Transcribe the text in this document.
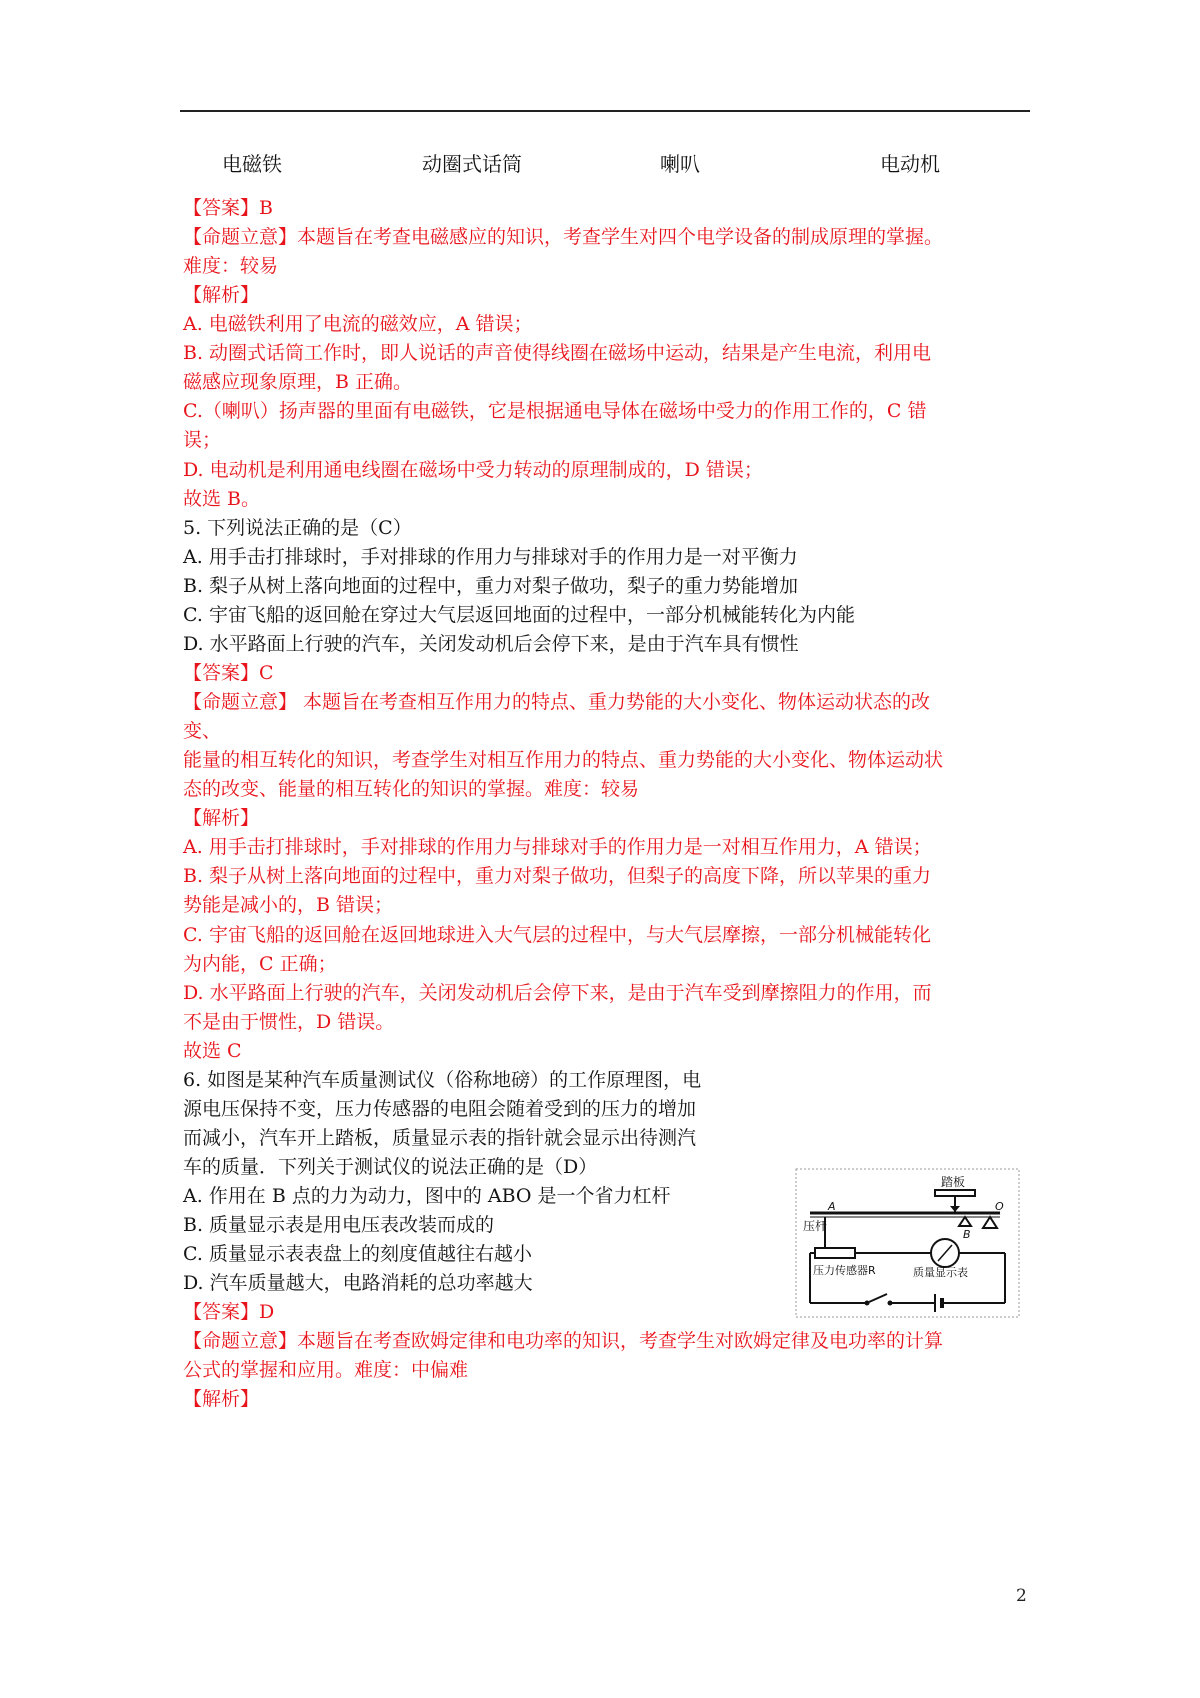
电磁铁	动圈式话筒	喇叭	电动机
【答案】B
【命题立意】本题旨在考查电磁感应的知识，考查学生对四个电学设备的制成原理的掌握。
难度：较易
【解析】
A. 电磁铁利用了电流的磁效应，A 错误；
B. 动圈式话筒工作时，即人说话的声音使得线圈在磁场中运动，结果是产生电流，利用电
磁感应现象原理，B 正确。
C.（喇叭）扬声器的里面有电磁铁，它是根据通电导体在磁场中受力的作用工作的，C 错
误；
D. 电动机是利用通电线圈在磁场中受力转动的原理制成的，D 错误；
故选 B。
5. 下列说法正确的是（C）
A. 用手击打排球时，手对排球的作用力与排球对手的作用力是一对平衡力
B. 梨子从树上落向地面的过程中，重力对梨子做功，梨子的重力势能增加
C. 宇宙飞船的返回舱在穿过大气层返回地面的过程中，一部分机械能转化为内能
D. 水平路面上行驶的汽车，关闭发动机后会停下来，是由于汽车具有惯性
【答案】C
【命题立意】 本题旨在考查相互作用力的特点、重力势能的大小变化、物体运动状态的改
变、
能量的相互转化的知识，考查学生对相互作用力的特点、重力势能的大小变化、物体运动状
态的改变、能量的相互转化的知识的掌握。难度：较易
【解析】
A. 用手击打排球时，手对排球的作用力与排球对手的作用力是一对相互作用力，A 错误；
B. 梨子从树上落向地面的过程中，重力对梨子做功，但梨子的高度下降，所以苹果的重力
势能是减小的，B 错误；
C. 宇宙飞船的返回舱在返回地球进入大气层的过程中，与大气层摩擦，一部分机械能转化
为内能，C 正确；
D. 水平路面上行驶的汽车，关闭发动机后会停下来，是由于汽车受到摩擦阻力的作用，而
不是由于惯性，D 错误。
故选 C
6. 如图是某种汽车质量测试仪（俗称地磅）的工作原理图，电
源电压保持不变，压力传感器的电阻会随着受到的压力的增加
而减小，汽车开上踏板，质量显示表的指针就会显示出待测汽
车的质量．下列关于测试仪的说法正确的是（D）
A. 作用在 B 点的力为动力，图中的 ABO 是一个省力杠杆
B. 质量显示表是用电压表改装而成的
C. 质量显示表表盘上的刻度值越往右越小
D. 汽车质量越大，电路消耗的总功率越大
【答案】D
【命题立意】本题旨在考查欧姆定律和电功率的知识，考查学生对欧姆定律及电功率的计算
公式的掌握和应用。难度：中偏难
【解析】
踏板
压杆
A
B
O
压力传感器R	质量显示表
2
